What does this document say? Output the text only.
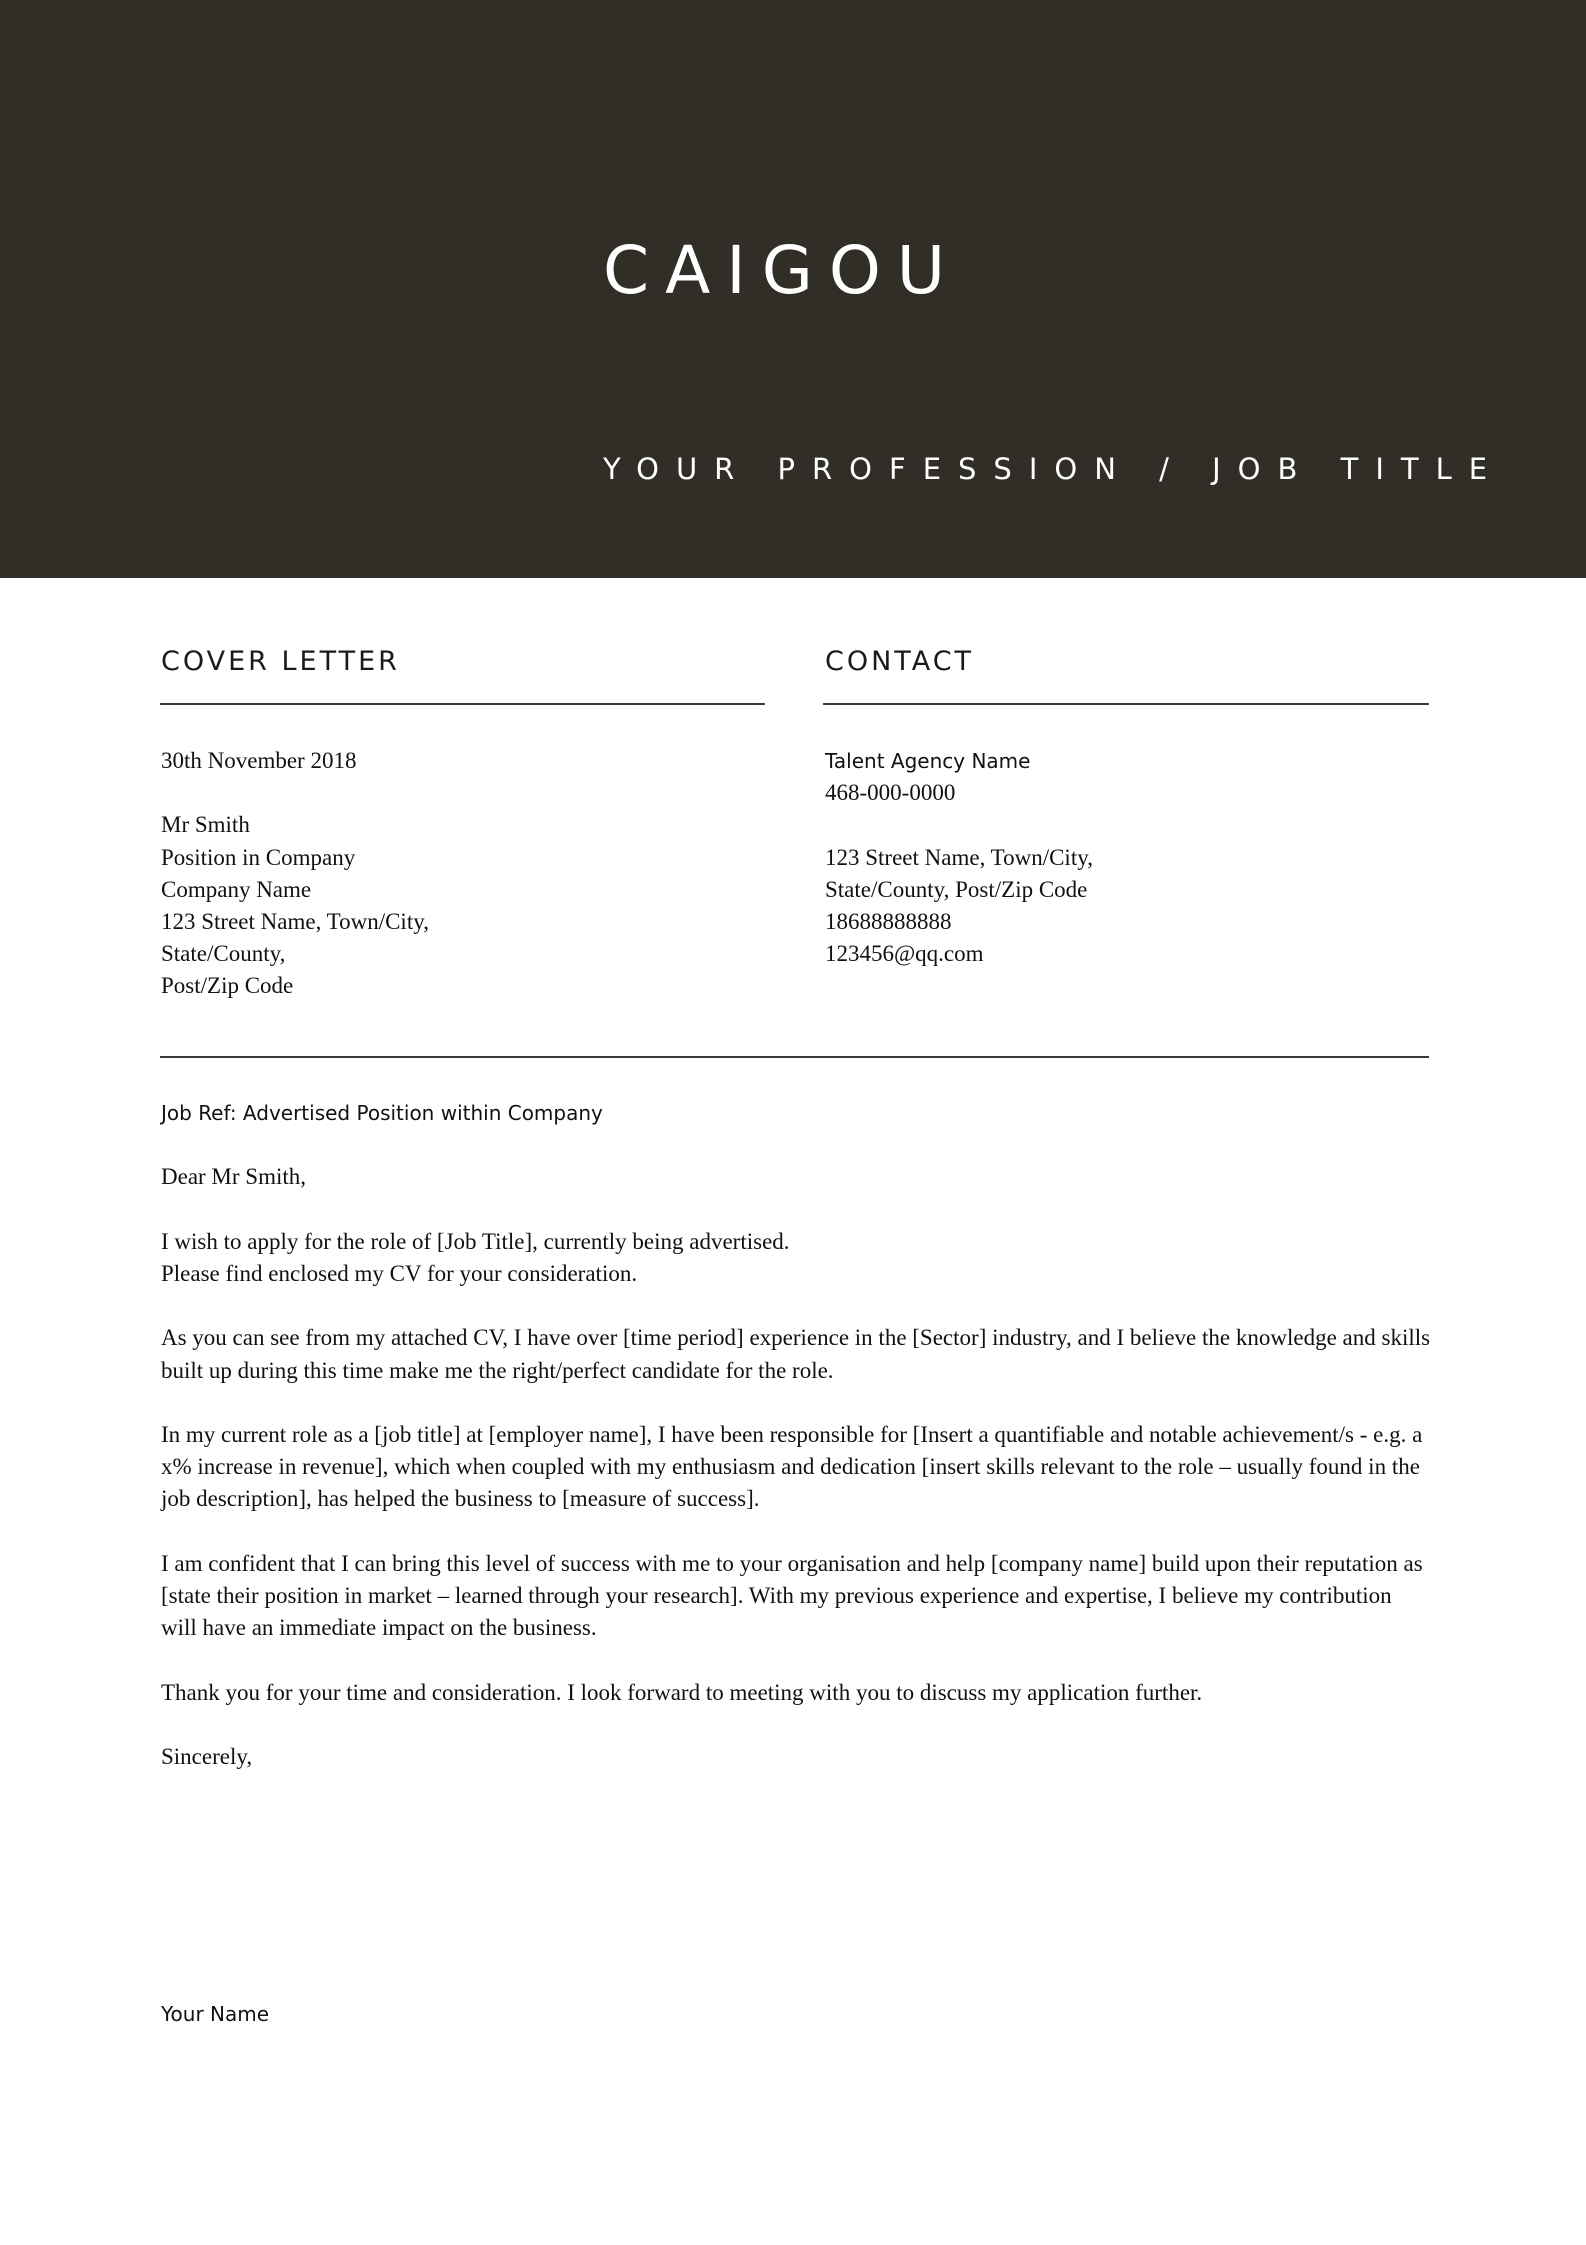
CAIGOU
YOUR PROFESSION / JOB TITLE
COVER LETTER
30th November 2018
Mr Smith
Position in Company
Company Name
123 Street Name, Town/City,
State/County,
Post/Zip Code
CONTACT
Talent Agency Name
468-000-0000
123 Street Name, Town/City,
State/County, Post/Zip Code
18688888888
123456@qq.com

Job Ref: Advertised Position within Company

Dear Mr Smith,

I wish to apply for the role of [Job Title], currently being advertised.
Please find enclosed my CV for your consideration.

As you can see from my attached CV, I have over [time period] experience in the [Sector] industry, and I believe the knowledge and skills built up during this time make me the right/perfect candidate for the role.

In my current role as a [job title] at [employer name], I have been responsible for [Insert a quantifiable and notable achievement/s - e.g. a x% increase in revenue], which when coupled with my enthusiasm and dedication [insert skills relevant to the role – usually found in the job description], has helped the business to [measure of success].

I am confident that I can bring this level of success with me to your organisation and help [company name] build upon their reputation as [state their position in market – learned through your research]. With my previous experience and expertise, I believe my contribution will have an immediate impact on the business.

Thank you for your time and consideration. I look forward to meeting with you to discuss my application further.

Sincerely,

Your Name
